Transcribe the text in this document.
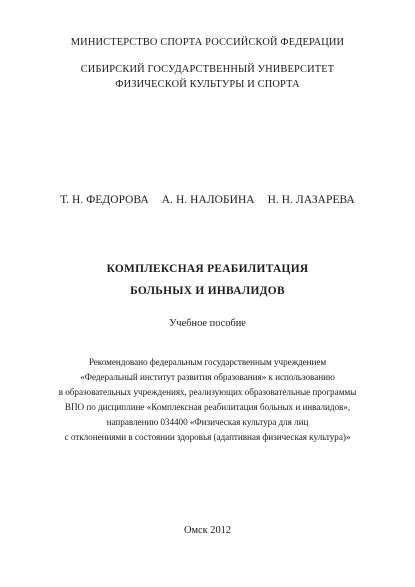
МИНИСТЕРСТВО СПОРТА РОССИЙСКОЙ ФЕДЕРАЦИИ
СИБИРСКИЙ ГОСУДАРСТВЕННЫЙ УНИВЕРСИТЕТ
ФИЗИЧЕСКОЙ КУЛЬТУРЫ И СПОРТА
Т. Н. ФЕДОРОВА А. Н. НАЛОБИНА Н. Н. ЛАЗАРЕВА
КОМПЛЕКСНАЯ РЕАБИЛИТАЦИЯ
БОЛЬНЫХ И ИНВАЛИДОВ
Учебное пособие
Рекомендовано федеральным государственным учреждением
«Федеральный институт развития образования» к использованию
в образовательных учреждениях, реализующих образовательные программы
ВПО по дисциплине «Комплексная реабилитация больных и инвалидов»,
направлению 034400 «Физическая культура для лиц
с отклонениями в состоянии здоровья (адаптивная физическая культура)»
Омск 2012
